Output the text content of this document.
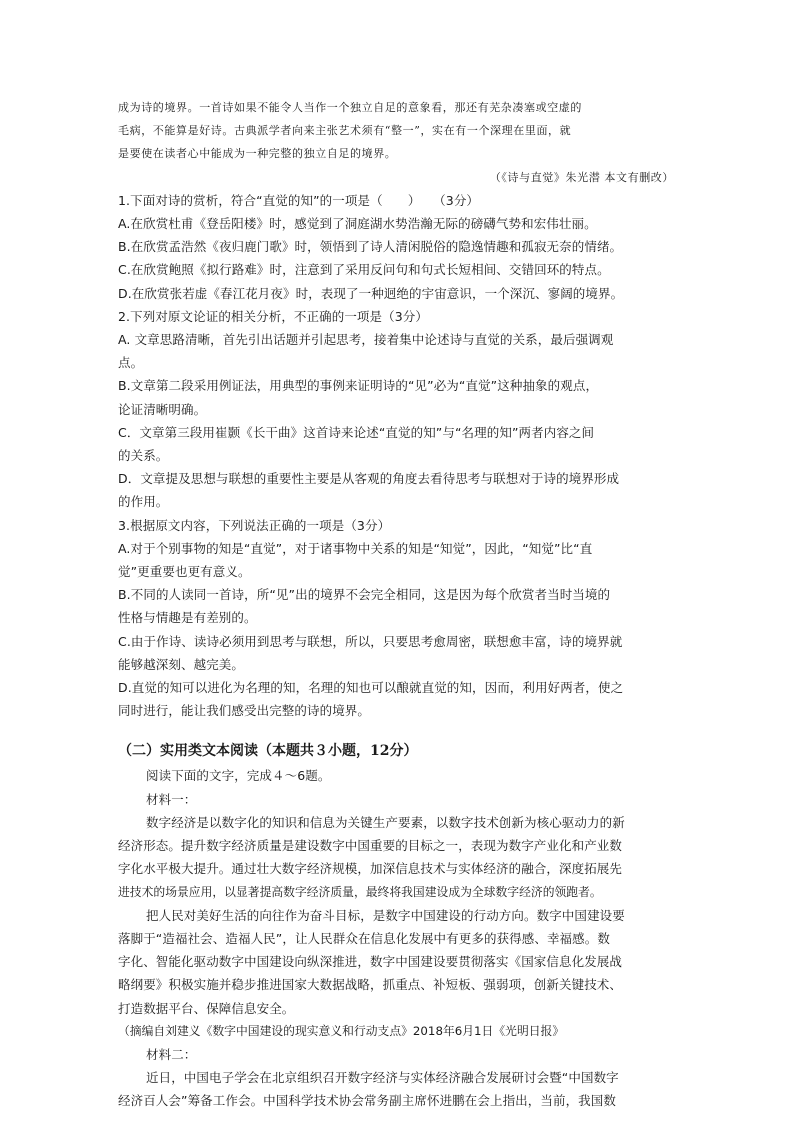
成为诗的境界。一首诗如果不能令人当作一个独立自足的意象看，那还有芜杂凑塞或空虚的
毛病，不能算是好诗。古典派学者向来主张艺术须有“整一”，实在有一个深理在里面，就
是要使在读者心中能成为一种完整的独立自足的境界。
（《诗与直觉》朱光潜 本文有删改）
1.下面对诗的赏析，符合“直觉的知”的一项是（　　）　　（3分）
A.在欣赏杜甫《登岳阳楼》时，感觉到了洞庭湖水势浩瀚无际的磅礴气势和宏伟壮丽。
B.在欣赏孟浩然《夜归鹿门歌》时，领悟到了诗人清闲脱俗的隐逸情趣和孤寂无奈的情绪。
C.在欣赏鲍照《拟行路难》时，注意到了采用反问句和句式长短相间、交错回环的特点。
D.在欣赏张若虚《春江花月夜》时，表现了一种迥绝的宇宙意识，一个深沉、寥阔的境界。
2.下列对原文论证的相关分析，不正确的一项是（3分）
A. 文章思路清晰，首先引出话题并引起思考，接着集中论述诗与直觉的关系，最后强调观
点。
B.文章第二段采用例证法，用典型的事例来证明诗的“见”必为“直觉”这种抽象的观点，
论证清晰明确。
C．文章第三段用崔颢《长干曲》这首诗来论述“直觉的知”与“名理的知”两者内容之间
的关系。
D．文章提及思想与联想的重要性主要是从客观的角度去看待思考与联想对于诗的境界形成
的作用。
3.根据原文内容，下列说法正确的一项是（3分）
A.对于个别事物的知是“直觉”，对于诸事物中关系的知是“知觉”，因此，“知觉”比“直
觉”更重要也更有意义。
B.不同的人读同一首诗，所“见”出的境界不会完全相同，这是因为每个欣赏者当时当境的
性格与情趣是有差别的。
C.由于作诗、读诗必须用到思考与联想，所以，只要思考愈周密，联想愈丰富，诗的境界就
能够越深刻、越完美。
D.直觉的知可以进化为名理的知，名理的知也可以酿就直觉的知，因而，利用好两者，使之
同时进行，能让我们感受出完整的诗的境界。
（二）实用类文本阅读（本题共３小题，12分）
阅读下面的文字，完成４～6题。
材料一：
数字经济是以数字化的知识和信息为关键生产要素，以数字技术创新为核心驱动力的新
经济形态。提升数字经济质量是建设数字中国重要的目标之一，表现为数字产业化和产业数
字化水平极大提升。通过壮大数字经济规模，加深信息技术与实体经济的融合，深度拓展先
进技术的场景应用，以显著提高数字经济质量，最终将我国建设成为全球数字经济的领跑者。
把人民对美好生活的向往作为奋斗目标，是数字中国建设的行动方向。数字中国建设要
落脚于“造福社会、造福人民”，让人民群众在信息化发展中有更多的获得感、幸福感。数
字化、智能化驱动数字中国建设向纵深推进，数字中国建设要贯彻落实《国家信息化发展战
略纲要》积极实施并稳步推进国家大数据战略，抓重点、补短板、强弱项，创新关键技术、
打造数据平台、保障信息安全。
（摘编自刘建义《数字中国建设的现实意义和行动支点》2018年6月1日《光明日报》
材料二：
近日，中国电子学会在北京组织召开数字经济与实体经济融合发展研讨会暨“中国数字
经济百人会”筹备工作会。中国科学技术协会常务副主席怀进鹏在会上指出，当前，我国数
